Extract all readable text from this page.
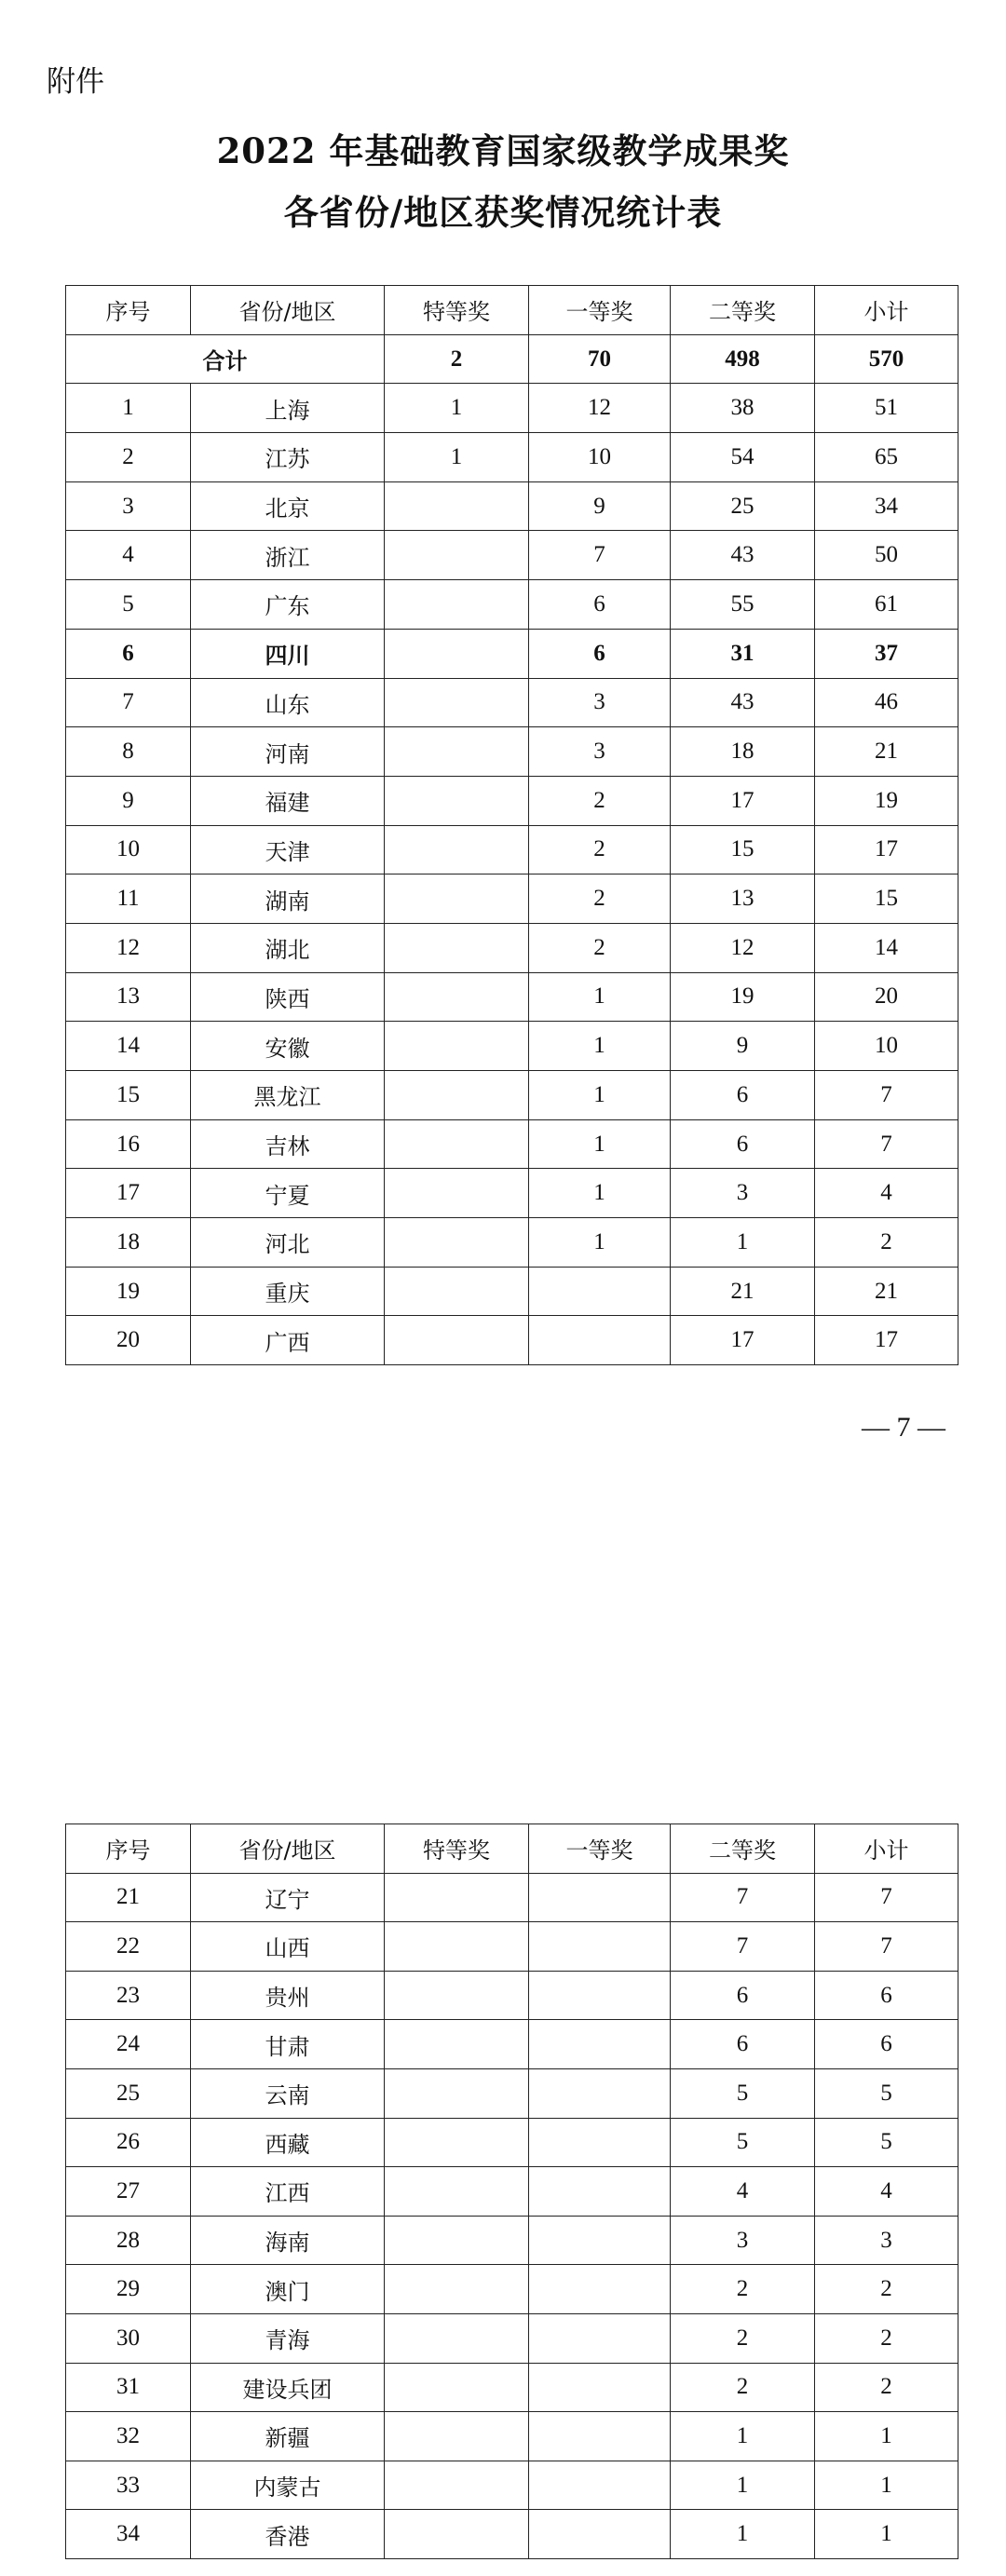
附件
2022 年基础教育国家级教学成果奖
各省份/地区获奖情况统计表
序号	省份/地区	特等奖	一等奖	二等奖	小计
合计		2	70	498	570
1	上海	1	12	38	51
2	江苏	1	10	54	65
3	北京		9	25	34
4	浙江		7	43	50
5	广东		6	55	61
6	四川		6	31	37
7	山东		3	43	46
8	河南		3	18	21
9	福建		2	17	19
10	天津		2	15	17
11	湖南		2	13	15
12	湖北		2	12	14
13	陕西		1	19	20
14	安徽		1	9	10
15	黑龙江		1	6	7
16	吉林		1	6	7
17	宁夏		1	3	4
18	河北		1	1	2
19	重庆			21	21
20	广西			17	17
— 7 —
序号	省份/地区	特等奖	一等奖	二等奖	小计
21	辽宁			7	7
22	山西			7	7
23	贵州			6	6
24	甘肃			6	6
25	云南			5	5
26	西藏			5	5
27	江西			4	4
28	海南			3	3
29	澳门			2	2
30	青海			2	2
31	建设兵团			2	2
32	新疆			1	1
33	内蒙古			1	1
34	香港			1	1
